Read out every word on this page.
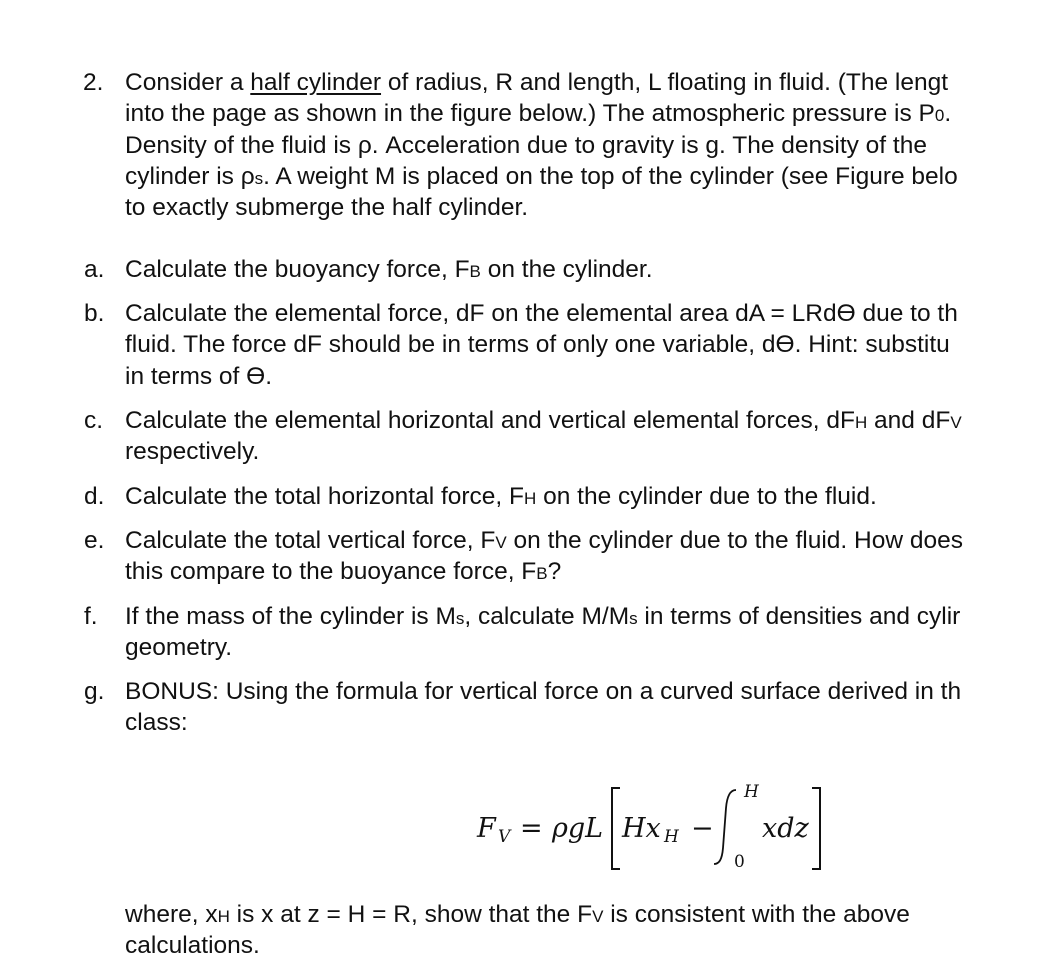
2. Consider a half cylinder of radius, R and length, L floating in fluid. (The lengt
into the page as shown in the figure below.) The atmospheric pressure is P0.
Density of the fluid is ρ. Acceleration due to gravity is g. The density of the
cylinder is ρs. A weight M is placed on the top of the cylinder (see Figure belo
to exactly submerge the half cylinder.
a. Calculate the buoyancy force, FB on the cylinder.
b. Calculate the elemental force, dF on the elemental area dA = LRdϴ due to th
fluid. The force dF should be in terms of only one variable, dϴ. Hint: substitu
in terms of ϴ.
c. Calculate the elemental horizontal and vertical elemental forces, dFH and dFV
respectively.
d. Calculate the total horizontal force, FH on the cylinder due to the fluid.
e. Calculate the total vertical force, FV on the cylinder due to the fluid. How does
this compare to the buoyance force, FB?
f.	If the mass of the cylinder is Ms, calculate M/Ms in terms of densities and cylir
geometry.
g. BONUS: Using the formula for vertical force on a curved surface derived in th
class:
F V = ρgL Hx H −
H
0
xdz
where, xH is x at z = H = R, show that the FV is consistent with the above
calculations.
